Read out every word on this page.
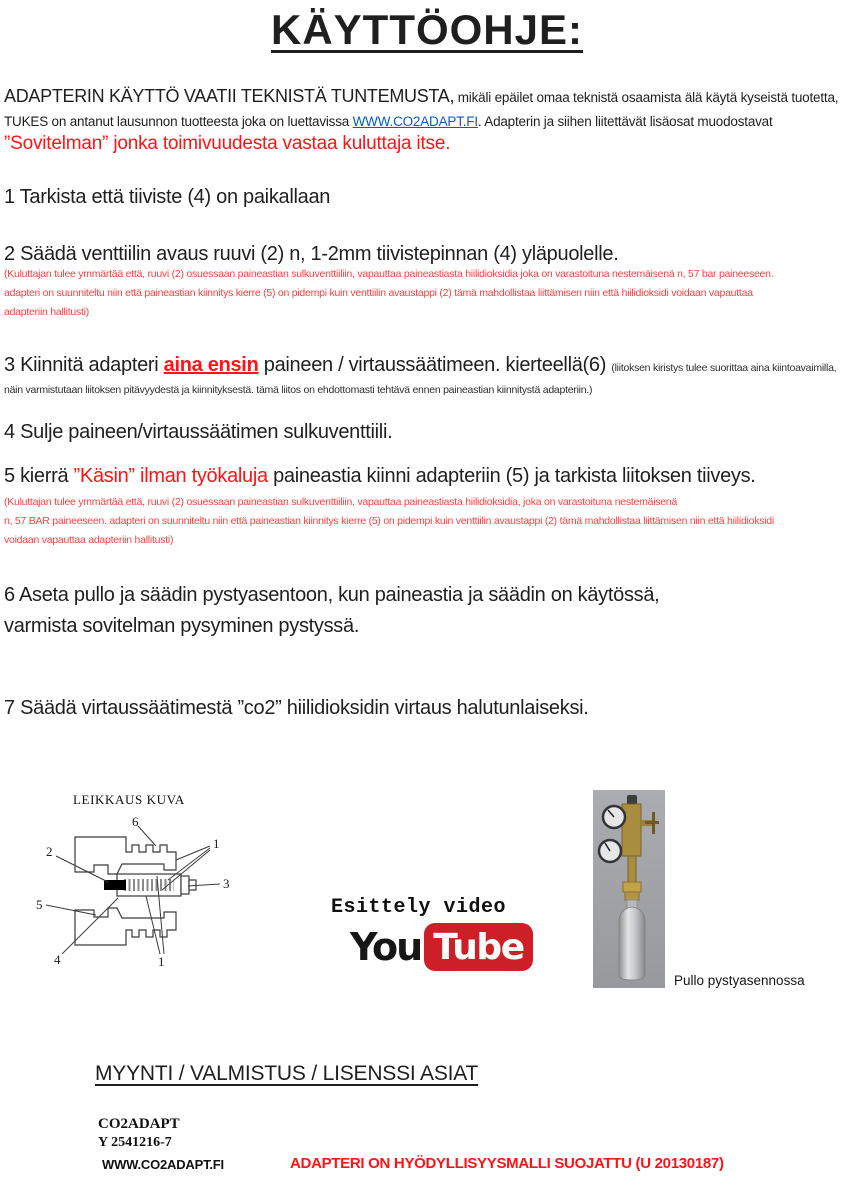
KÄYTTÖOHJE:
ADAPTERIN KÄYTTÖ VAATII TEKNISTÄ TUNTEMUSTA, mikäli epäilet omaa teknistä osaamista älä käytä kyseistä tuotetta,
TUKES on antanut lausunnon tuotteesta joka on luettavissa WWW.CO2ADAPT.FI. Adapterin ja siihen liitettävät lisäosat muodostavat
”Sovitelman” jonka toimivuudesta vastaa kuluttaja itse.
1 Tarkista että tiiviste (4) on paikallaan
2 Säädä venttiilin avaus ruuvi (2) n, 1-2mm tiivistepinnan (4) yläpuolelle.
(Kuluttajan tulee ymmärtää että, ruuvi (2) osuessaan paineastian sulkuventtiiliin, vapauttaa paineastiasta hiilidioksidia joka on varastoituna nestemäisenä n, 57 bar paineeseen.
adapteri on suunniteltu niin että paineastian kiinnitys kierre (5) on pidempi kuin venttiilin avaustappi (2) tämä mahdollistaa liittämisen niin että hiilidioksidi voidaan vapauttaa
adapteriin hallitusti)
3 Kiinnitä adapteri aina ensin paineen / virtaussäätimeen. kierteellä(6) (liitoksen kiristys tulee suorittaa aina kiintoavaimilla,
näin varmistutaan liitoksen pitävyydestä ja kiinnityksestä. tämä liitos on ehdottomasti tehtävä ennen paineastian kiinnitystä adapteriin.)
4 Sulje paineen/virtaussäätimen sulkuventtiili.
5 kierrä ”Käsin” ilman työkaluja paineastia kiinni adapteriin (5) ja tarkista liitoksen tiiveys.
(Kuluttajan tulee ymmärtää että, ruuvi (2) osuessaan paineastian sulkuventtiiliin, vapauttaa paineastiasta hiilidioksidia, joka on varastoituna nestemäisenä
n, 57 BAR paineeseen. adapteri on suunniteltu niin että paineastian kiinnitys kierre (5) on pidempi kuin venttiilin avaustappi (2) tämä mahdollistaa liittämisen niin että hiilidioksidi
voidaan vapauttaa adapteriin hallitusti)
6 Aseta pullo ja säädin pystyasentoon, kun paineastia ja säädin on käytössä,
varmista sovitelman pysyminen pystyssä.
7 Säädä virtaussäätimestä ”co2” hiilidioksidin virtaus halutunlaiseksi.
LEIKKAUS KUVA
6
2
5
1
3
4	1
Esittely video
You Tube
Pullo pystyasennossa
MYYNTI / VALMISTUS / LISENSSI ASIAT
CO2ADAPT
Y 2541216-7
WWW.CO2ADAPT.FI	ADAPTERI ON HYÖDYLLISYYSMALLI SUOJATTU (U 20130187)
